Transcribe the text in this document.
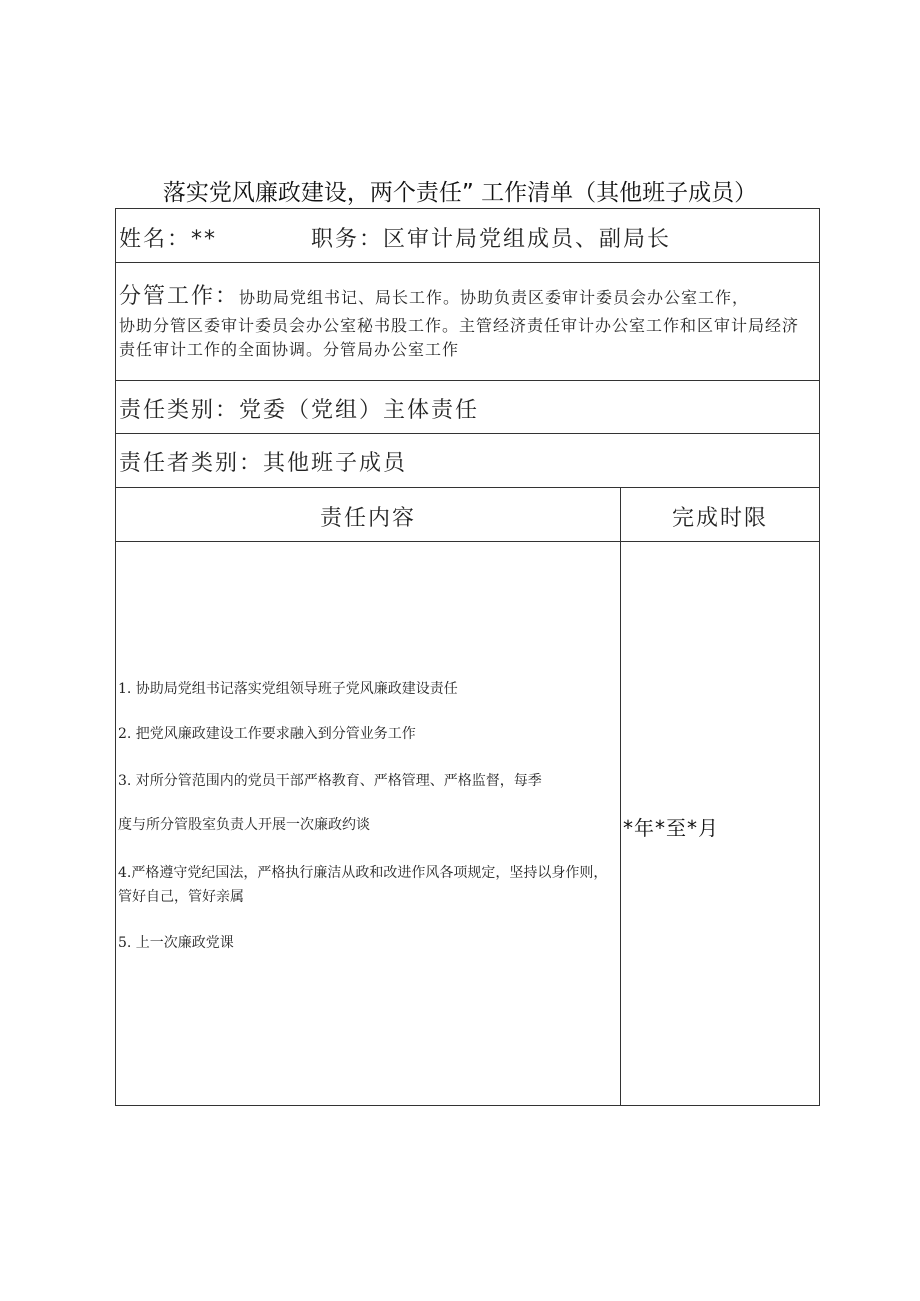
落实党风廉政建设，两个责任” 工作清单（其他班子成员）
姓名：**	职务：区审计局党组成员、副局长
分管工作：协助局党组书记、局长工作。协助负责区委审计委员会办公室工作，
协助分管区委审计委员会办公室秘书股工作。主管经济责任审计办公室工作和区审计局经济责任审计工作的全面协调。分管局办公室工作
责任类别：党委（党组）主体责任
责任者类别：其他班子成员
责任内容	完成时限
1. 协助局党组书记落实党组领导班子党风廉政建设责任
2. 把党风廉政建设工作要求融入到分管业务工作
3. 对所分管范围内的党员干部严格教育、严格管理、严格监督，每季
度与所分管股室负责人开展一次廉政约谈
4.严格遵守党纪国法，严格执行廉洁从政和改进作风各项规定，坚持以身作则，管好自己，管好亲属
5. 上一次廉政党课
*年*至*月
